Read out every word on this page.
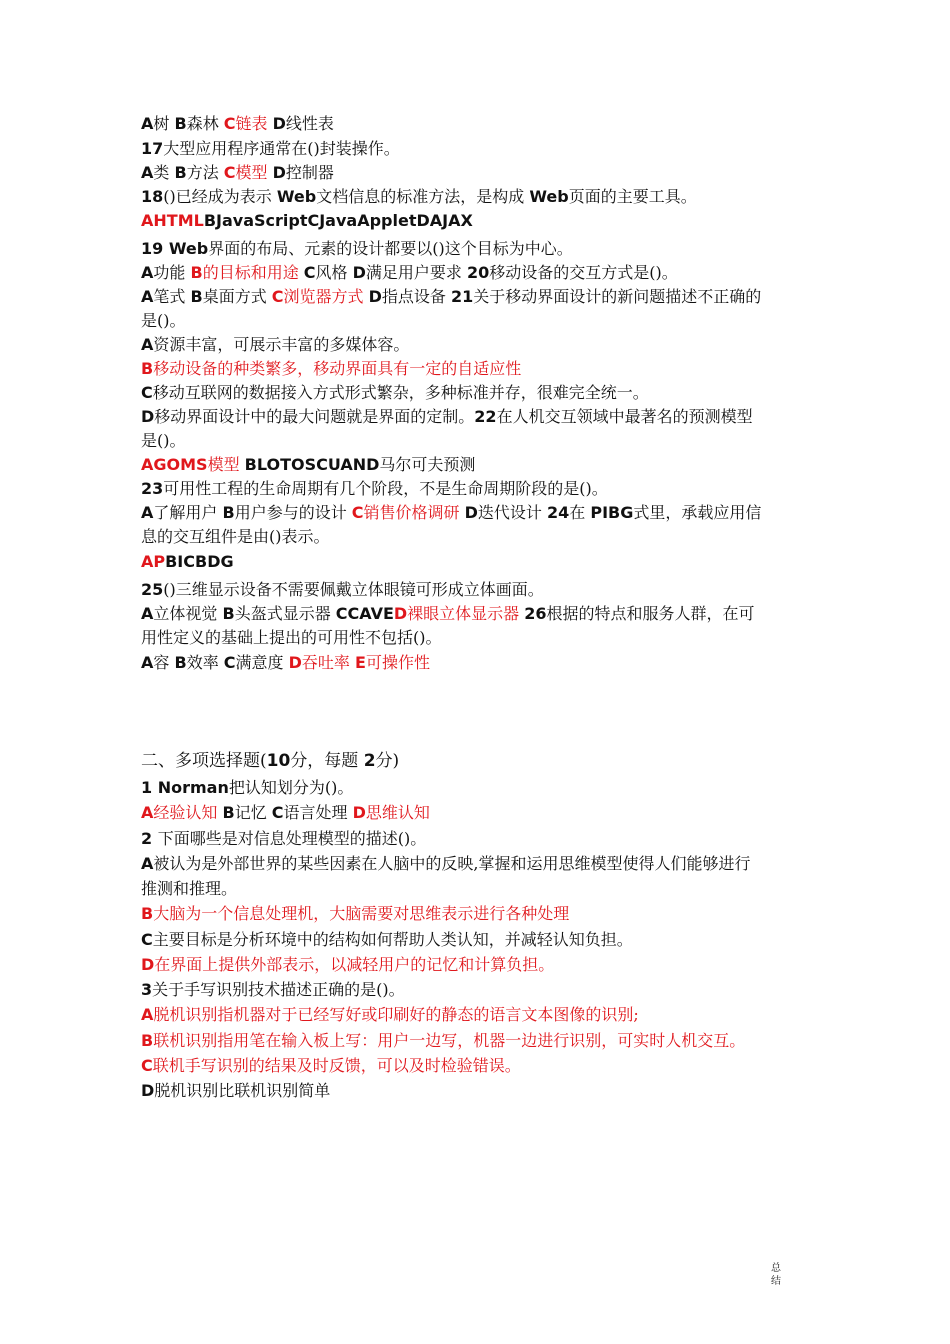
A树 B森林 C链表 D线性表
17大型应用程序通常在()封装操作。
A类 B方法 C模型 D控制器
18()已经成为表示 Web文档信息的标准方法，是构成 Web页面的主要工具。
AHTMLBJavaScriptCJavaAppletDAJAX
19 Web界面的布局、元素的设计都要以()这个目标为中心。
A功能 B的目标和用途 C风格 D满足用户要求 20移动设备的交互方式是()。
A笔式 B桌面方式 C浏览器方式 D指点设备 21关于移动界面设计的新问题描述不正确的
是()。
A资源丰富，可展示丰富的多媒体容。
B移动设备的种类繁多，移动界面具有一定的自适应性
C移动互联网的数据接入方式形式繁杂，多种标准并存，很难完全统一。
D移动界面设计中的最大问题就是界面的定制。22在人机交互领域中最著名的预测模型
是()。
AGOMS模型 BLOTOSCUAND马尔可夫预测
23可用性工程的生命周期有几个阶段，不是生命周期阶段的是()。
A了解用户 B用户参与的设计 C销售价格调研 D迭代设计 24在 PIBG式里，承载应用信
息的交互组件是由()表示。
APBICBDG
25()三维显示设备不需要佩戴立体眼镜可形成立体画面。
A立体视觉 B头盔式显示器 CCAVED裸眼立体显示器 26根据的特点和服务人群，在可
用性定义的基础上提出的可用性不包括()。
A容 B效率 C满意度 D吞吐率 E可操作性
二、多项选择题(10分，每题 2分)
1 Norman把认知划分为()。
A经验认知 B记忆 C语言处理 D思维认知
2 下面哪些是对信息处理模型的描述()。
A被认为是外部世界的某些因素在人脑中的反映,掌握和运用思维模型使得人们能够进行
推测和推理。
B大脑为一个信息处理机，大脑需要对思维表示进行各种处理
C主要目标是分析环境中的结构如何帮助人类认知，并减轻认知负担。
D在界面上提供外部表示，以减轻用户的记忆和计算负担。
3关于手写识别技术描述正确的是()。
A脱机识别指机器对于已经写好或印刷好的静态的语言文本图像的识别;
B联机识别指用笔在输入板上写：用户一边写，机器一边进行识别，可实时人机交互。
C联机手写识别的结果及时反馈，可以及时检验错误。
D脱机识别比联机识别简单
总结
